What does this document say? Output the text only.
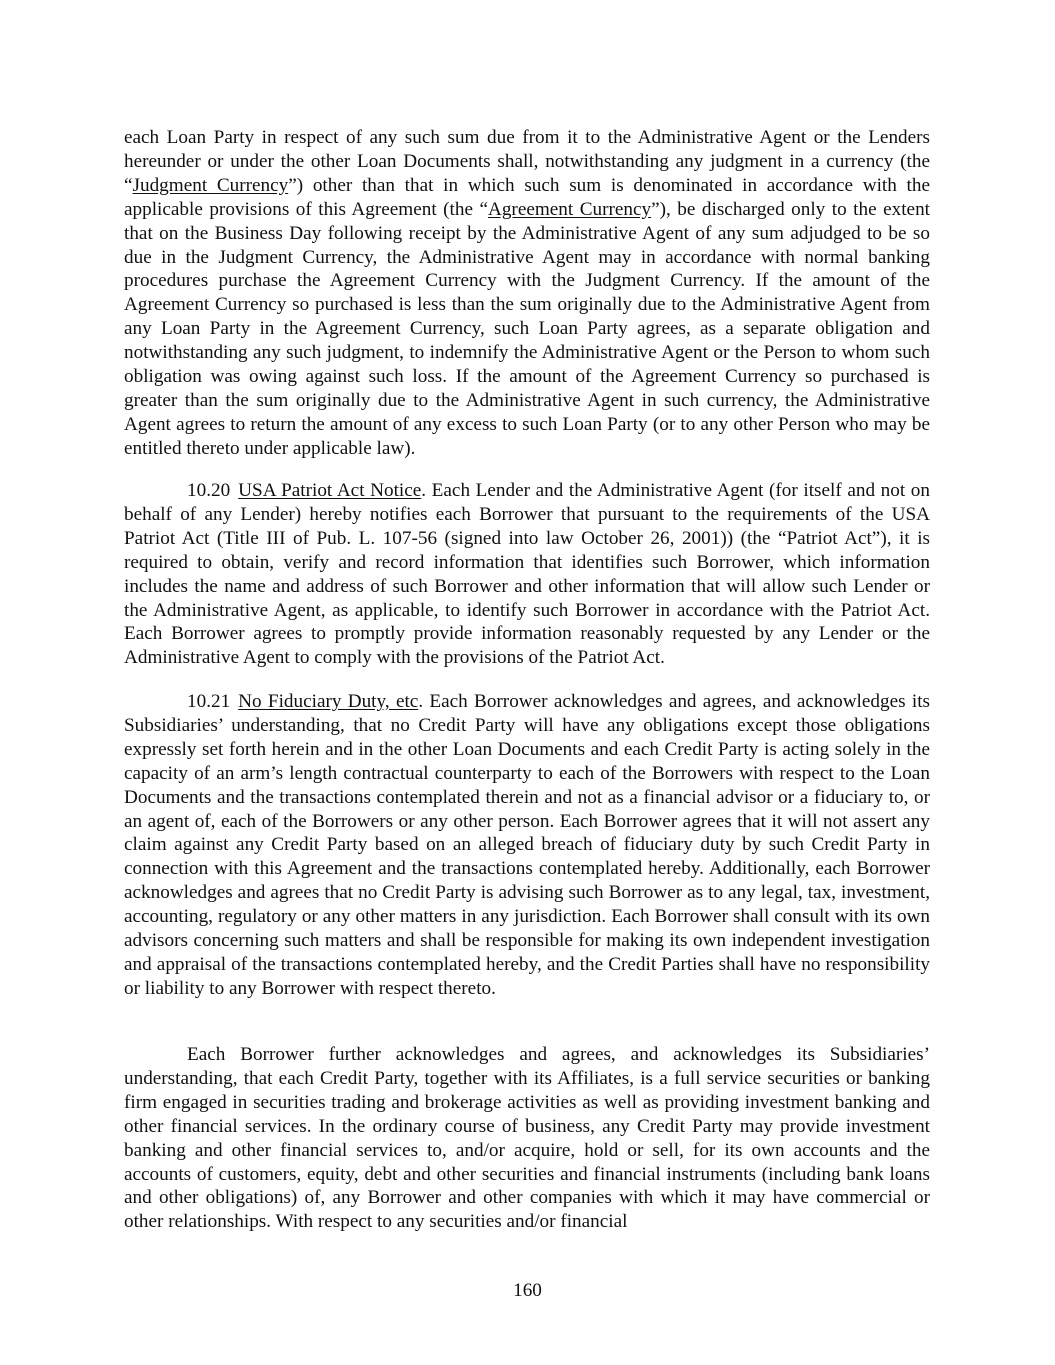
each Loan Party in respect of any such sum due from it to the Administrative Agent or the Lenders hereunder or under the other Loan Documents shall, notwithstanding any judgment in a currency (the “Judgment Currency”) other than that in which such sum is denominated in accordance with the applicable provisions of this Agreement (the “Agreement Currency”), be discharged only to the extent that on the Business Day following receipt by the Administrative Agent of any sum adjudged to be so due in the Judgment Currency, the Administrative Agent may in accordance with normal banking procedures purchase the Agreement Currency with the Judgment Currency. If the amount of the Agreement Currency so purchased is less than the sum originally due to the Administrative Agent from any Loan Party in the Agreement Currency, such Loan Party agrees, as a separate obligation and notwithstanding any such judgment, to indemnify the Administrative Agent or the Person to whom such obligation was owing against such loss. If the amount of the Agreement Currency so purchased is greater than the sum originally due to the Administrative Agent in such currency, the Administrative Agent agrees to return the amount of any excess to such Loan Party (or to any other Person who may be entitled thereto under applicable law).

10.20 USA Patriot Act Notice. Each Lender and the Administrative Agent (for itself and not on behalf of any Lender) hereby notifies each Borrower that pursuant to the requirements of the USA Patriot Act (Title III of Pub. L. 107-56 (signed into law October 26, 2001)) (the “Patriot Act”), it is required to obtain, verify and record information that identifies such Borrower, which information includes the name and address of such Borrower and other information that will allow such Lender or the Administrative Agent, as applicable, to identify such Borrower in accordance with the Patriot Act. Each Borrower agrees to promptly provide information reasonably requested by any Lender or the Administrative Agent to comply with the provisions of the Patriot Act.

10.21 No Fiduciary Duty, etc. Each Borrower acknowledges and agrees, and acknowledges its Subsidiaries’ understanding, that no Credit Party will have any obligations except those obligations expressly set forth herein and in the other Loan Documents and each Credit Party is acting solely in the capacity of an arm’s length contractual counterparty to each of the Borrowers with respect to the Loan Documents and the transactions contemplated therein and not as a financial advisor or a fiduciary to, or an agent of, each of the Borrowers or any other person. Each Borrower agrees that it will not assert any claim against any Credit Party based on an alleged breach of fiduciary duty by such Credit Party in connection with this Agreement and the transactions contemplated hereby. Additionally, each Borrower acknowledges and agrees that no Credit Party is advising such Borrower as to any legal, tax, investment, accounting, regulatory or any other matters in any jurisdiction. Each Borrower shall consult with its own advisors concerning such matters and shall be responsible for making its own independent investigation and appraisal of the transactions contemplated hereby, and the Credit Parties shall have no responsibility or liability to any Borrower with respect thereto.

Each Borrower further acknowledges and agrees, and acknowledges its Subsidiaries’ understanding, that each Credit Party, together with its Affiliates, is a full service securities or banking firm engaged in securities trading and brokerage activities as well as providing investment banking and other financial services. In the ordinary course of business, any Credit Party may provide investment banking and other financial services to, and/or acquire, hold or sell, for its own accounts and the accounts of customers, equity, debt and other securities and financial instruments (including bank loans and other obligations) of, any Borrower and other companies with which it may have commercial or other relationships. With respect to any securities and/or financial

160
